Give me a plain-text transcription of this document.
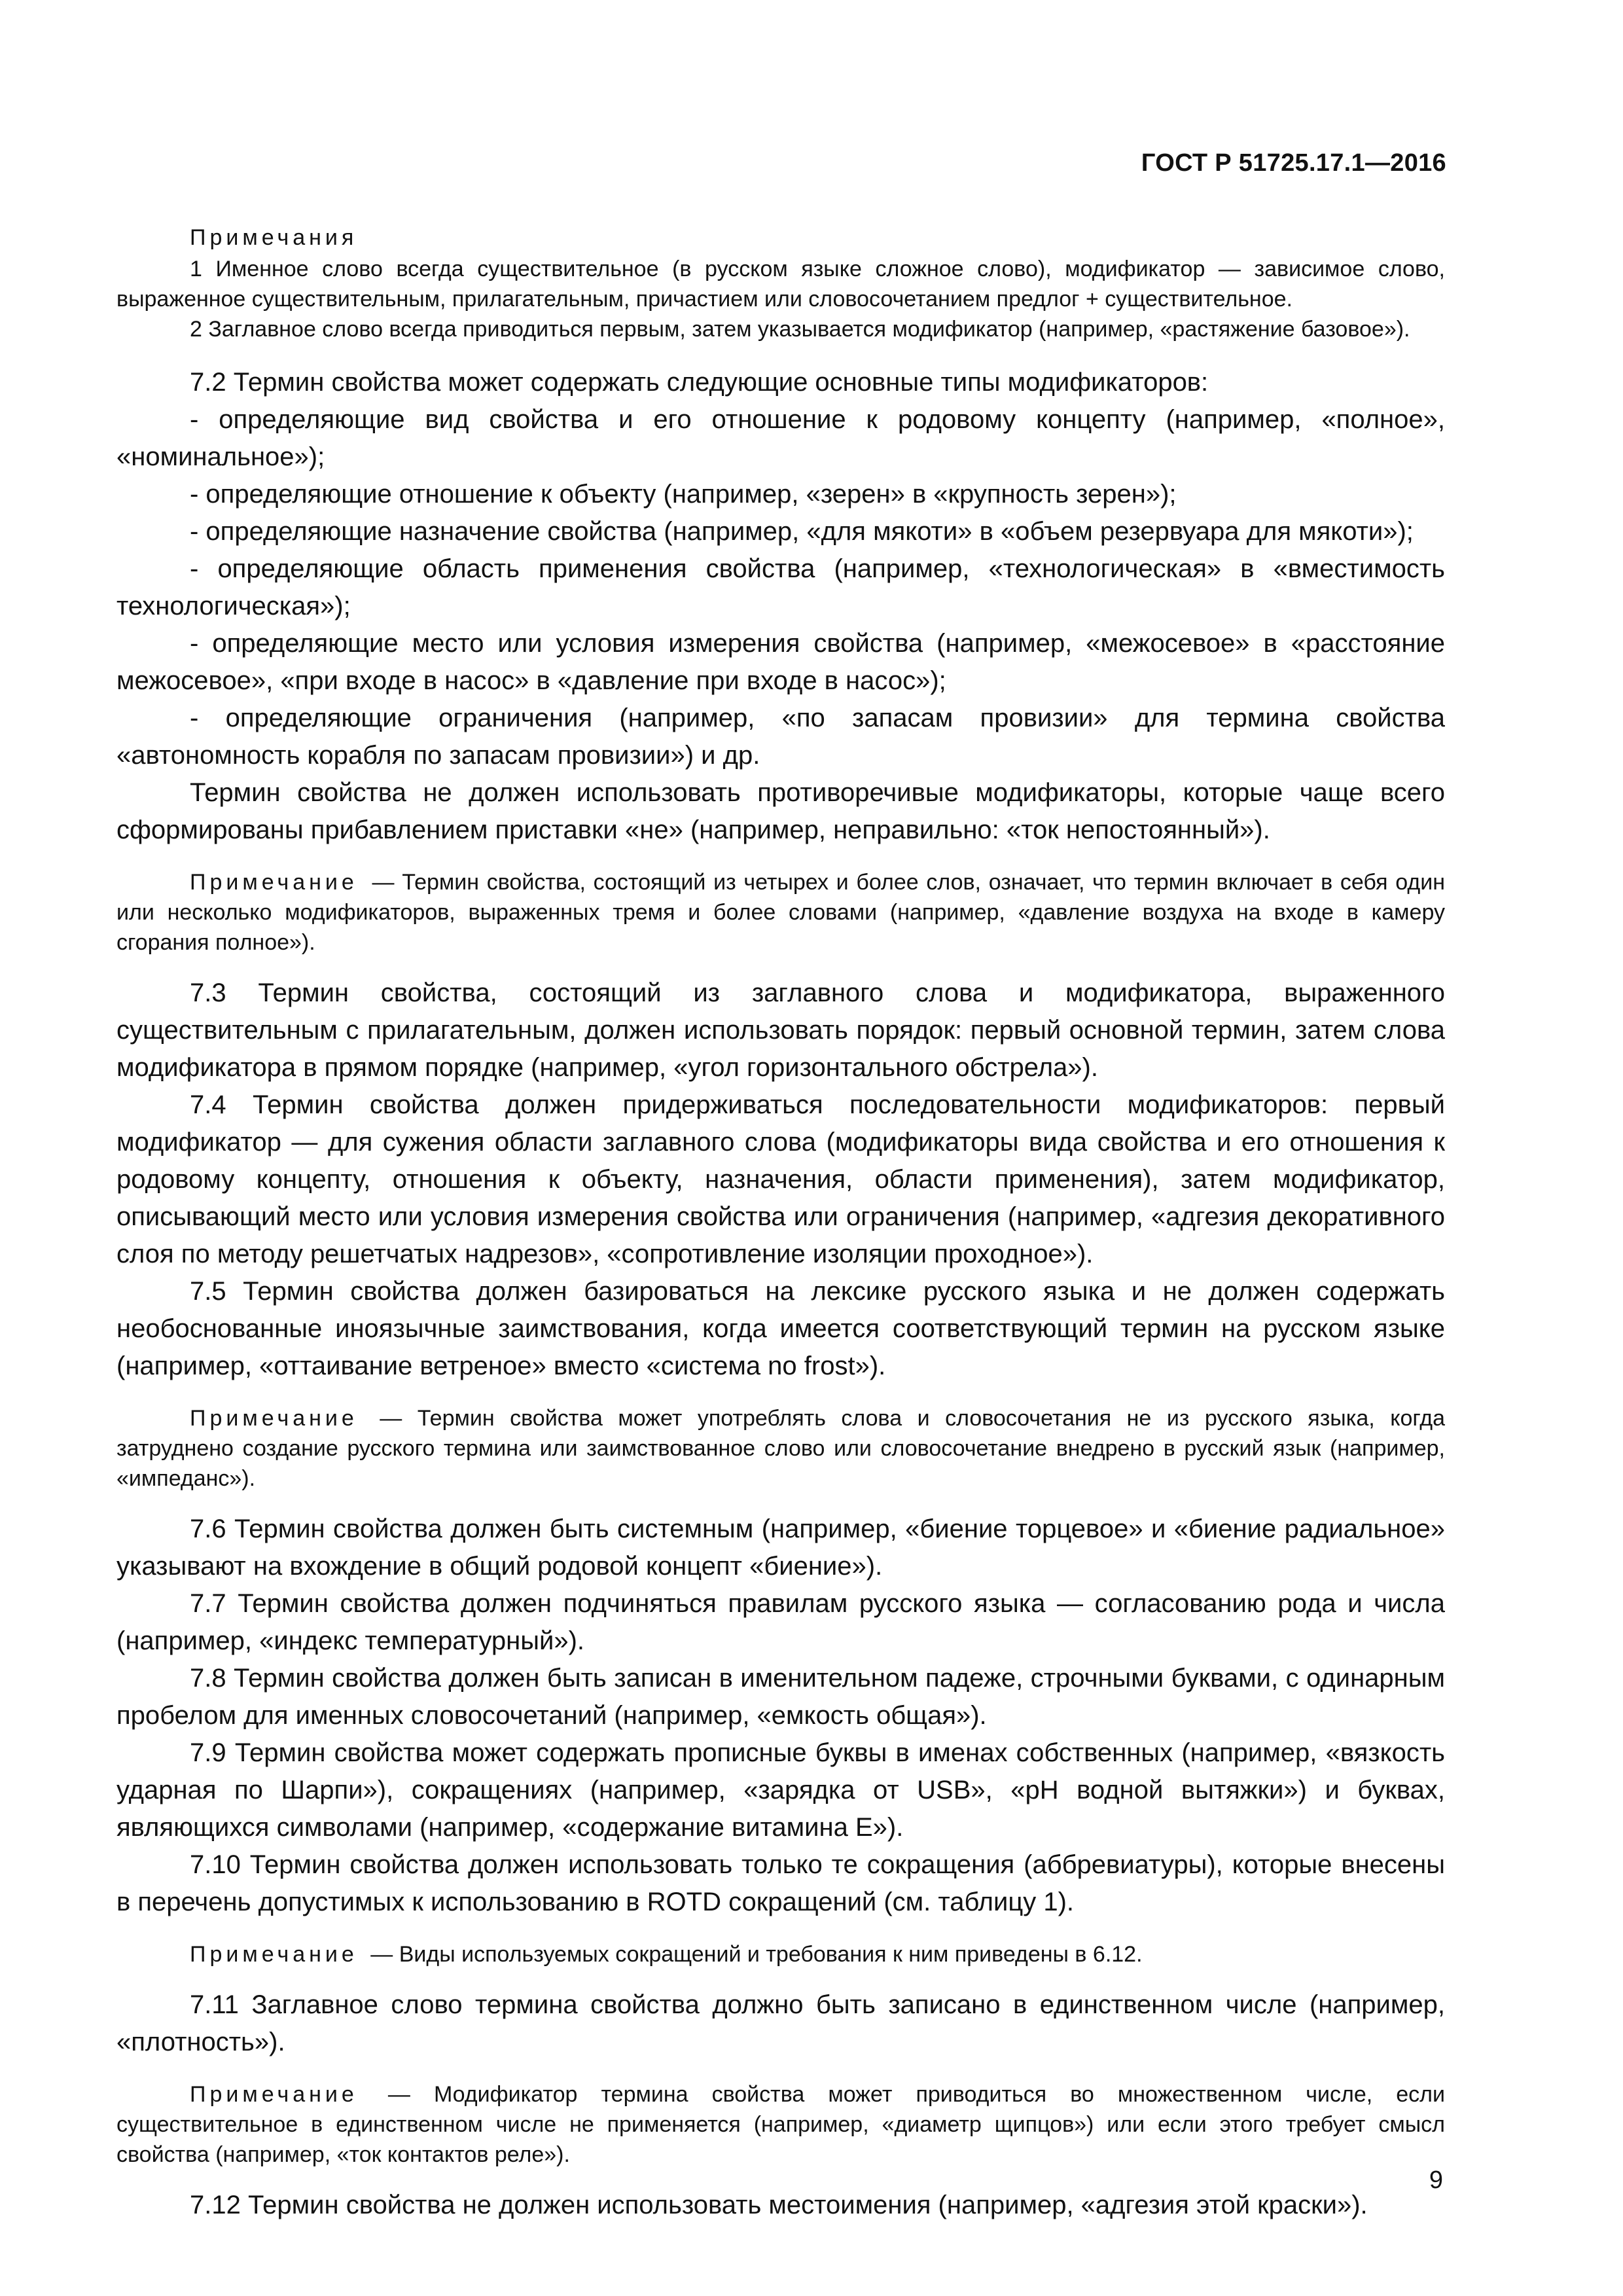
ГОСТ Р 51725.17.1—2016

Примечания

1 Именное слово всегда существительное (в русском языке сложное слово), модификатор — зависимое слово, выраженное существительным, прилагательным, причастием или словосочетанием предлог + существительное.

2 Заглавное слово всегда приводиться первым, затем указывается модификатор (например, «растяжение базовое»).

7.2 Термин свойства может содержать следующие основные типы модификаторов:

- определяющие вид свойства и его отношение к родовому концепту (например, «полное», «номинальное»);

- определяющие отношение к объекту (например, «зерен» в «крупность зерен»);

- определяющие назначение свойства (например, «для мякоти» в «объем резервуара для мякоти»);

- определяющие область применения свойства (например, «технологическая» в «вместимость технологическая»);

- определяющие место или условия измерения свойства (например, «межосевое» в «расстояние межосевое», «при входе в насос» в «давление при входе в насос»);

- определяющие ограничения (например, «по запасам провизии» для термина свойства «автономность корабля по запасам провизии») и др.

Термин свойства не должен использовать противоречивые модификаторы, которые чаще всего сформированы прибавлением приставки «не» (например, неправильно: «ток непостоянный»).

Примечание — Термин свойства, состоящий из четырех и более слов, означает, что термин включает в себя один или несколько модификаторов, выраженных тремя и более словами (например, «давление воздуха на входе в камеру сгорания полное»).

7.3 Термин свойства, состоящий из заглавного слова и модификатора, выраженного существительным с прилагательным, должен использовать порядок: первый основной термин, затем слова модификатора в прямом порядке (например, «угол горизонтального обстрела»).

7.4 Термин свойства должен придерживаться последовательности модификаторов: первый модификатор — для сужения области заглавного слова (модификаторы вида свойства и его отношения к родовому концепту, отношения к объекту, назначения, области применения), затем модификатор, описывающий место или условия измерения свойства или ограничения (например, «адгезия декоративного слоя по методу решетчатых надрезов», «сопротивление изоляции проходное»).

7.5 Термин свойства должен базироваться на лексике русского языка и не должен содержать необоснованные иноязычные заимствования, когда имеется соответствующий термин на русском языке (например, «оттаивание ветреное» вместо «система no frost»).

Примечание — Термин свойства может употреблять слова и словосочетания не из русского языка, когда затруднено создание русского термина или заимствованное слово или словосочетание внедрено в русский язык (например, «импеданс»).

7.6 Термин свойства должен быть системным (например, «биение торцевое» и «биение радиальное» указывают на вхождение в общий родовой концепт «биение»).

7.7 Термин свойства должен подчиняться правилам русского языка — согласованию рода и числа (например, «индекс температурный»).

7.8 Термин свойства должен быть записан в именительном падеже, строчными буквами, с одинарным пробелом для именных словосочетаний (например, «емкость общая»).

7.9 Термин свойства может содержать прописные буквы в именах собственных (например, «вязкость ударная по Шарпи»), сокращениях (например, «зарядка от USB», «pH водной вытяжки») и буквах, являющихся символами (например, «содержание витамина E»).

7.10 Термин свойства должен использовать только те сокращения (аббревиатуры), которые внесены в перечень допустимых к использованию в ROTD сокращений (см. таблицу 1).

Примечание — Виды используемых сокращений и требования к ним приведены в 6.12.

7.11 Заглавное слово термина свойства должно быть записано в единственном числе (например, «плотность»).

Примечание — Модификатор термина свойства может приводиться во множественном числе, если существительное в единственном числе не применяется (например, «диаметр щипцов») или если этого требует смысл свойства (например, «ток контактов реле»).

7.12 Термин свойства не должен использовать местоимения (например, «адгезия этой краски»).

9
